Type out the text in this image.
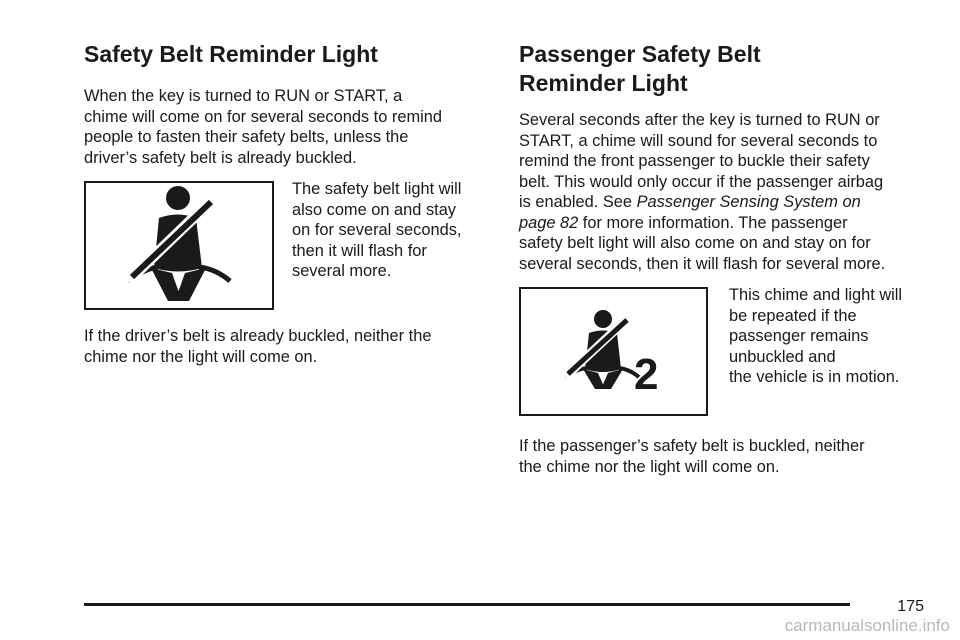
Safety Belt Reminder Light

When the key is turned to RUN or START, a
chime will come on for several seconds to remind
people to fasten their safety belts, unless the
driver’s safety belt is already buckled.

The safety belt light will
also come on and stay
on for several seconds,
then it will flash for
several more.
If the driver’s belt is already buckled, neither the
chime nor the light will come on.
Passenger Safety Belt
Reminder Light

Several seconds after the key is turned to RUN or
START, a chime will sound for several seconds to
remind the front passenger to buckle their safety
belt. This would only occur if the passenger airbag
is enabled. See Passenger Sensing System on
page 82 for more information. The passenger
safety belt light will also come on and stay on for
several seconds, then it will flash for several more.

2
This chime and light will
be repeated if the
passenger remains
unbuckled and
the vehicle is in motion.
If the passenger’s safety belt is buckled, neither
the chime nor the light will come on.
175
carmanualsonline.info
